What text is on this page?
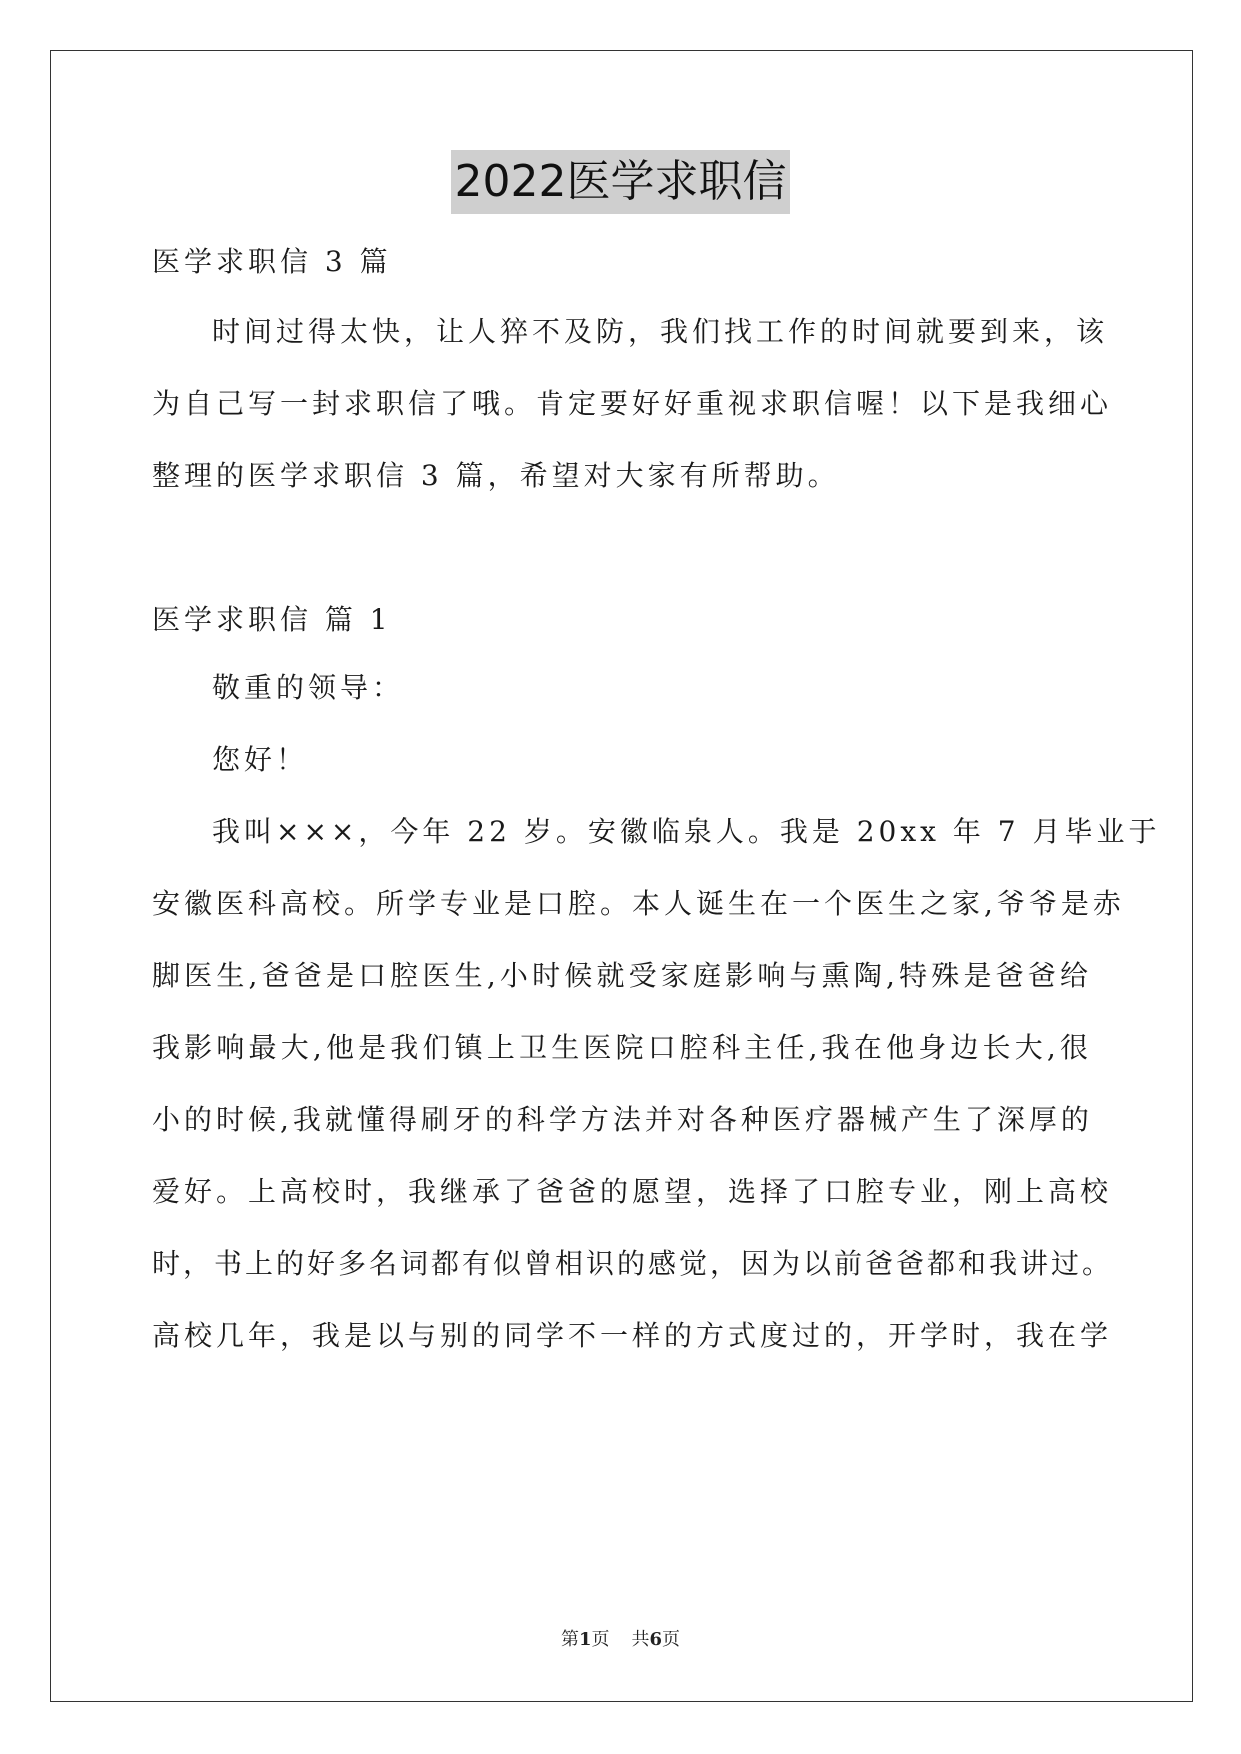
2022医学求职信
医学求职信 3 篇
时间过得太快，让人猝不及防，我们找工作的时间就要到来，该
为自己写一封求职信了哦。肯定要好好重视求职信喔！以下是我细心
整理的医学求职信 3 篇，希望对大家有所帮助。
医学求职信 篇 1
敬重的领导：
您好！
我叫×××，今年 22 岁。安徽临泉人。我是 20xx 年 7 月毕业于
安徽医科高校。所学专业是口腔。本人诞生在一个医生之家,爷爷是赤
脚医生,爸爸是口腔医生,小时候就受家庭影响与熏陶,特殊是爸爸给
我影响最大,他是我们镇上卫生医院口腔科主任,我在他身边长大,很
小的时候,我就懂得刷牙的科学方法并对各种医疗器械产生了深厚的
爱好。上高校时，我继承了爸爸的愿望，选择了口腔专业，刚上高校
时，书上的好多名词都有似曾相识的感觉，因为以前爸爸都和我讲过。
高校几年，我是以与别的同学不一样的方式度过的，开学时，我在学
第1页 共6页
